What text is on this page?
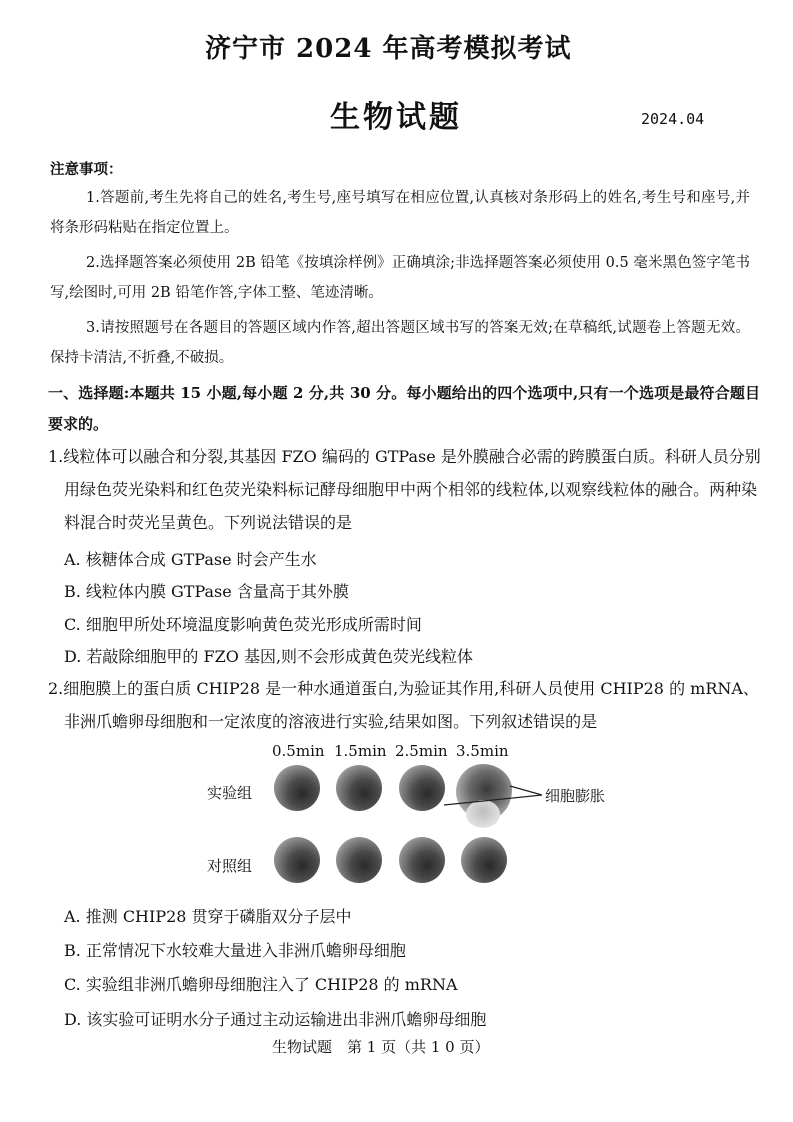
济宁市 2024 年高考模拟考试
生物试题	2024.04
注意事项：
1.答题前,考生先将自己的姓名,考生号,座号填写在相应位置,认真核对条形码上的姓名,考生号和座号,并将条形码粘贴在指定位置上。
2.选择题答案必须使用 2B 铅笔《按填涂样例》正确填涂;非选择题答案必须使用 0.5 毫米黑色签字笔书写,绘图时,可用 2B 铅笔作答,字体工整、笔迹清晰。
3.请按照题号在各题目的答题区域内作答,超出答题区域书写的答案无效;在草稿纸,试题卷上答题无效。保持卡清洁,不折叠,不破损。
一、选择题:本题共 15 小题,每小题 2 分,共 30 分。每小题给出的四个选项中,只有一个选项是最符合题目要求的。
1.线粒体可以融合和分裂,其基因 FZO 编码的 GTPase 是外膜融合必需的跨膜蛋白质。科研人员分别用绿色荧光染料和红色荧光染料标记酵母细胞甲中两个相邻的线粒体,以观察线粒体的融合。两种染料混合时荧光呈黄色。下列说法错误的是
A. 核糖体合成 GTPase 时会产生水
B. 线粒体内膜 GTPase 含量高于其外膜
C. 细胞甲所处环境温度影响黄色荧光形成所需时间
D. 若敲除细胞甲的 FZO 基因,则不会形成黄色荧光线粒体
2.细胞膜上的蛋白质 CHIP28 是一种水通道蛋白,为验证其作用,科研人员使用 CHIP28 的 mRNA、非洲爪蟾卵母细胞和一定浓度的溶液进行实验,结果如图。下列叙述错误的是
0.5min 1.5min 2.5min 3.5min
实验组	细胞膨胀
对照组
A. 推测 CHIP28 贯穿于磷脂双分子层中
B. 正常情况下水较难大量进入非洲爪蟾卵母细胞
C. 实验组非洲爪蟾卵母细胞注入了 CHIP28 的 mRNA
D. 该实验可证明水分子通过主动运输进出非洲爪蟾卵母细胞
生物试题　第 1 页（共 1 0 页）
